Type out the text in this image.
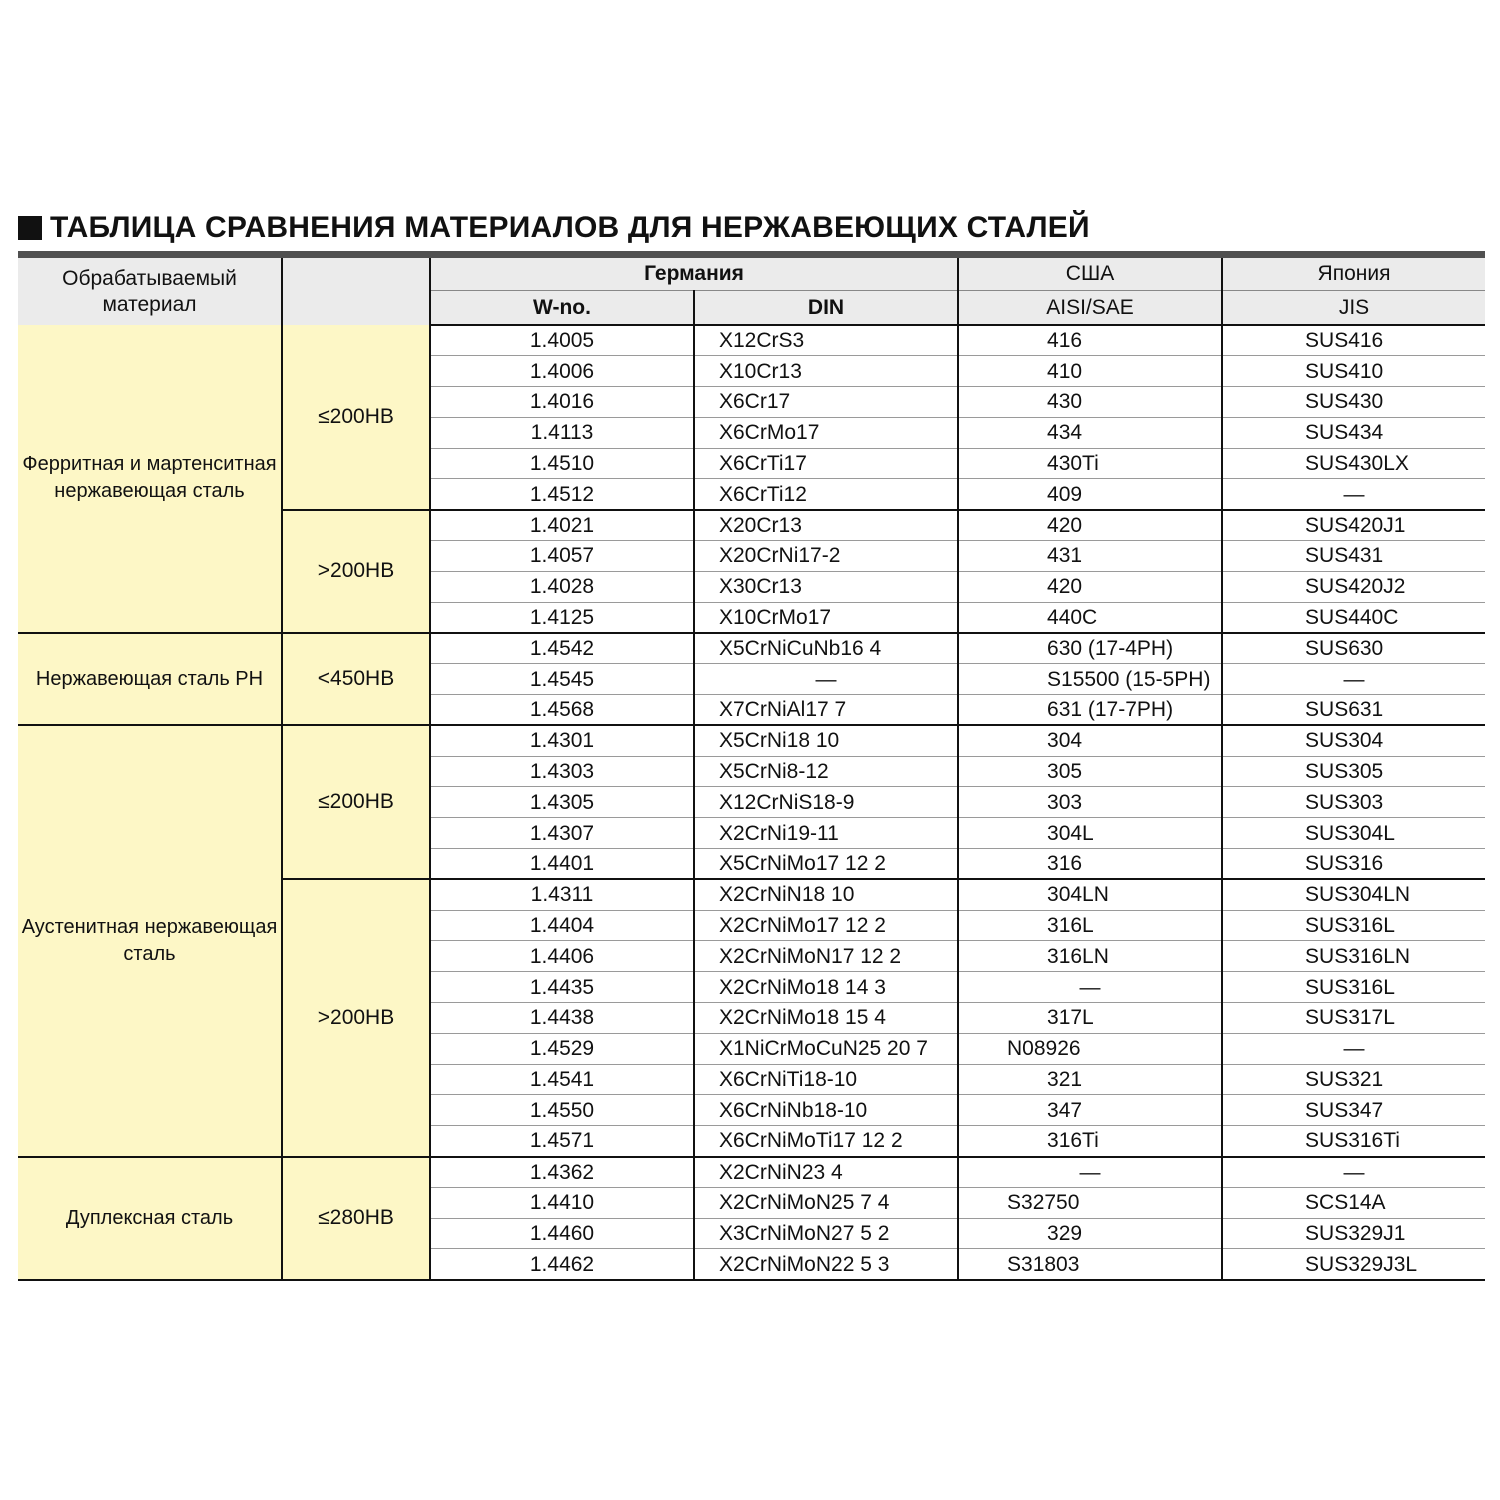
ТАБЛИЦА СРАВНЕНИЯ МАТЕРИАЛОВ ДЛЯ НЕРЖАВЕЮЩИХ СТАЛЕЙ
Обрабатываемый материал		Германия		США	Япония
		W-no.	DIN	AISI/SAE	JIS
Ферритная и мартенситная нержавеющая сталь	≤200HB	1.4005	X12CrS3	416	SUS416
		1.4006	X10Cr13	410	SUS410
		1.4016	X6Cr17	430	SUS430
		1.4113	X6CrMo17	434	SUS434
		1.4510	X6CrTi17	430Ti	SUS430LX
		1.4512	X6CrTi12	409	—
	>200HB	1.4021	X20Cr13	420	SUS420J1
		1.4057	X20CrNi17-2	431	SUS431
		1.4028	X30Cr13	420	SUS420J2
		1.4125	X10CrMo17	440C	SUS440C
Нержавеющая сталь PH	<450HB	1.4542	X5CrNiCuNb16 4	630 (17-4PH)	SUS630
		1.4545	—	S15500 (15-5PH)	—
		1.4568	X7CrNiAl17 7	631 (17-7PH)	SUS631
Аустенитная нержавеющая сталь	≤200HB	1.4301	X5CrNi18 10	304	SUS304
		1.4303	X5CrNi8-12	305	SUS305
		1.4305	X12CrNiS18-9	303	SUS303
		1.4307	X2CrNi19-11	304L	SUS304L
		1.4401	X5CrNiMo17 12 2	316	SUS316
	>200HB	1.4311	X2CrNiN18 10	304LN	SUS304LN
		1.4404	X2CrNiMo17 12 2	316L	SUS316L
		1.4406	X2CrNiMoN17 12 2	316LN	SUS316LN
		1.4435	X2CrNiMo18 14 3	—	SUS316L
		1.4438	X2CrNiMo18 15 4	317L	SUS317L
		1.4529	X1NiCrMoCuN25 20 7	N08926	—
		1.4541	X6CrNiTi18-10	321	SUS321
		1.4550	X6CrNiNb18-10	347	SUS347
		1.4571	X6CrNiMoTi17 12 2	316Ti	SUS316Ti
Дуплексная сталь	≤280HB	1.4362	X2CrNiN23 4	—	—
		1.4410	X2CrNiMoN25 7 4	S32750	SCS14A
		1.4460	X3CrNiMoN27 5 2	329	SUS329J1
		1.4462	X2CrNiMoN22 5 3	S31803	SUS329J3L
